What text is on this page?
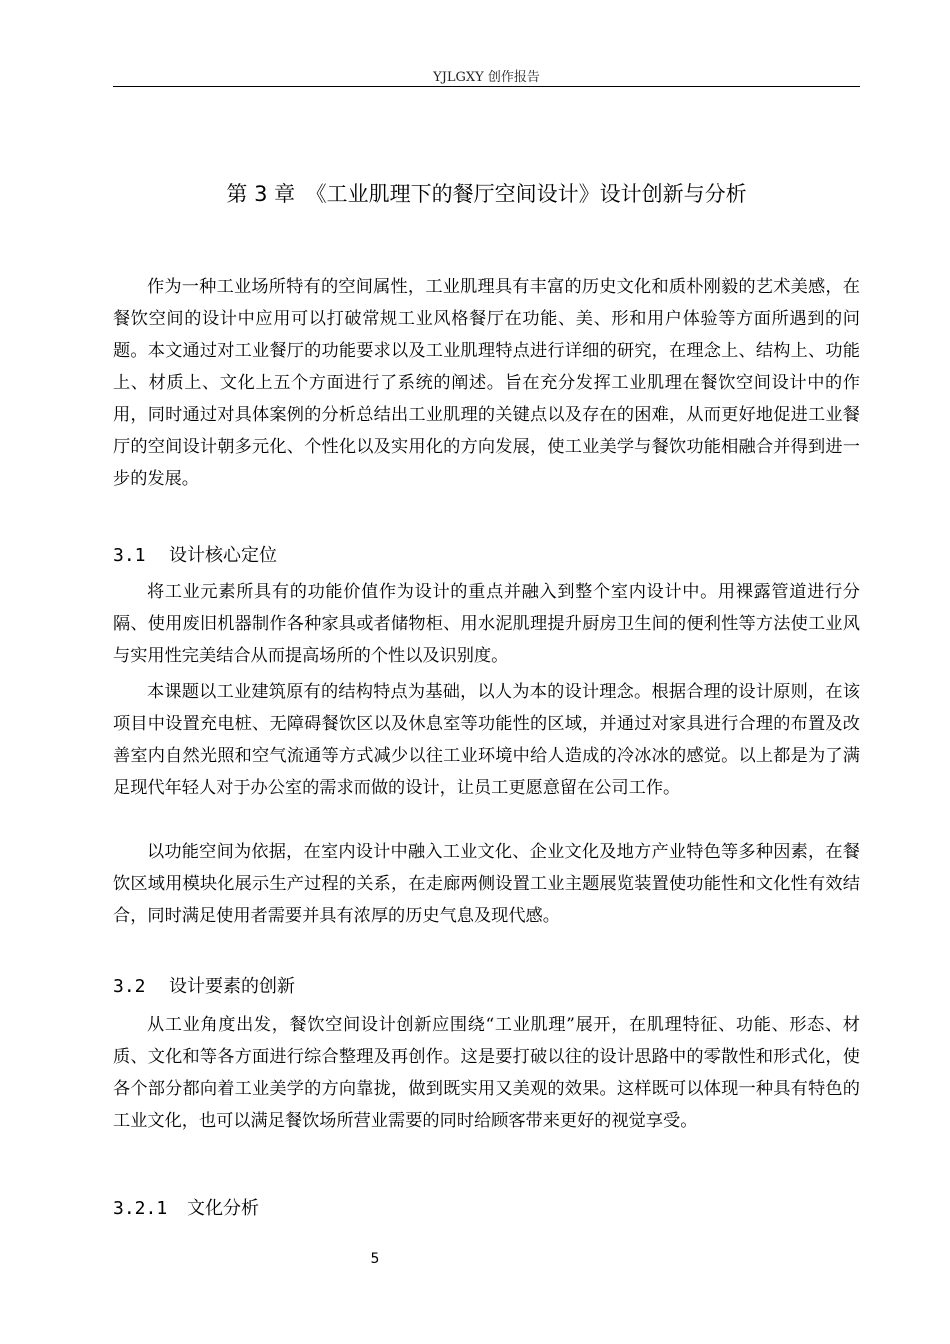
YJLGXY 创作报告
第 3 章　《工业肌理下的餐厅空间设计》设计创新与分析
作为一种工业场所特有的空间属性，工业肌理具有丰富的历史文化和质朴刚毅的艺术美感，在餐饮空间的设计中应用可以打破常规工业风格餐厅在功能、美、形和用户体验等方面所遇到的问题。本文通过对工业餐厅的功能要求以及工业肌理特点进行详细的研究，在理念上、结构上、功能上、材质上、文化上五个方面进行了系统的阐述。旨在充分发挥工业肌理在餐饮空间设计中的作用，同时通过对具体案例的分析总结出工业肌理的关键点以及存在的困难，从而更好地促进工业餐厅的空间设计朝多元化、个性化以及实用化的方向发展，使工业美学与餐饮功能相融合并得到进一步的发展。
3.1 设计核心定位
将工业元素所具有的功能价值作为设计的重点并融入到整个室内设计中。用裸露管道进行分隔、使用废旧机器制作各种家具或者储物柜、用水泥肌理提升厨房卫生间的便利性等方法使工业风与实用性完美结合从而提高场所的个性以及识别度。
本课题以工业建筑原有的结构特点为基础，以人为本的设计理念。根据合理的设计原则，在该项目中设置充电桩、无障碍餐饮区以及休息室等功能性的区域，并通过对家具进行合理的布置及改善室内自然光照和空气流通等方式减少以往工业环境中给人造成的冷冰冰的感觉。以上都是为了满足现代年轻人对于办公室的需求而做的设计，让员工更愿意留在公司工作。
以功能空间为依据，在室内设计中融入工业文化、企业文化及地方产业特色等多种因素，在餐饮区域用模块化展示生产过程的关系，在走廊两侧设置工业主题展览装置使功能性和文化性有效结合，同时满足使用者需要并具有浓厚的历史气息及现代感。
3.2 设计要素的创新
从工业角度出发，餐饮空间设计创新应围绕“工业肌理”展开，在肌理特征、功能、形态、材质、文化和等各方面进行综合整理及再创作。这是要打破以往的设计思路中的零散性和形式化，使各个部分都向着工业美学的方向靠拢，做到既实用又美观的效果。这样既可以体现一种具有特色的工业文化，也可以满足餐饮场所营业需要的同时给顾客带来更好的视觉享受。
3.2.1 文化分析
5
